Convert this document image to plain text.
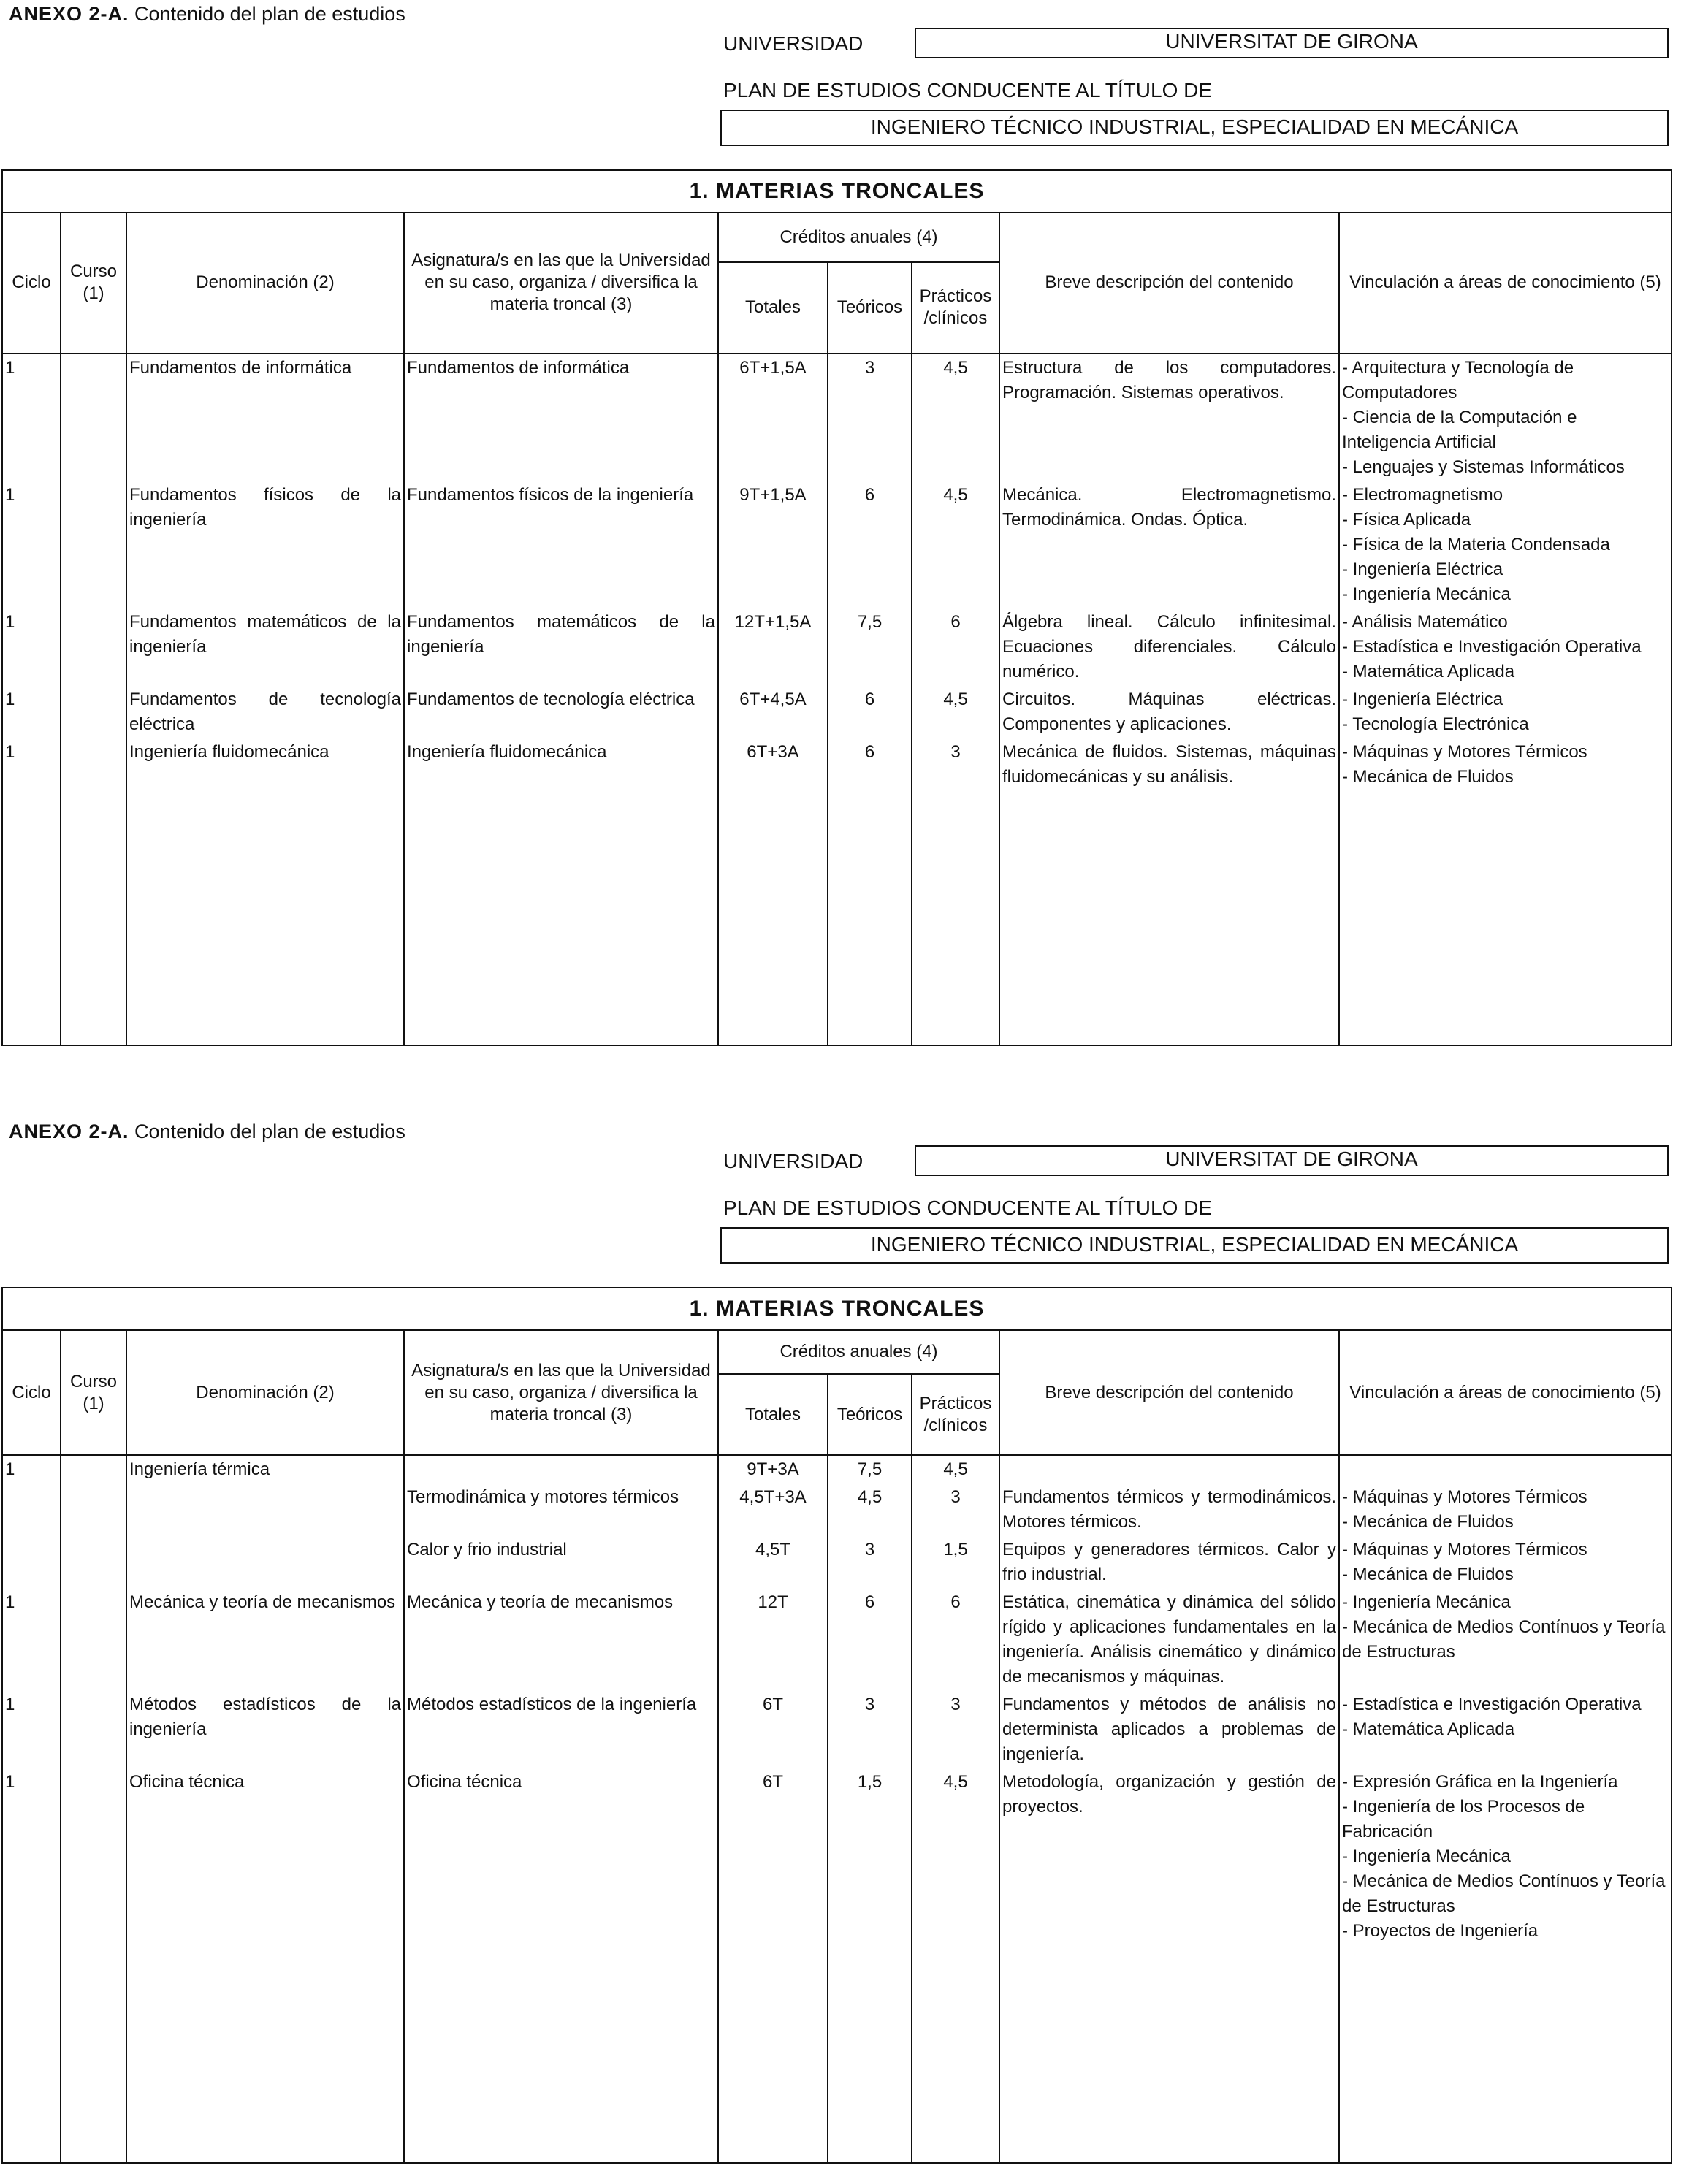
ANEXO 2-A. Contenido del plan de estudios
UNIVERSIDAD	UNIVERSITAT DE GIRONA
PLAN DE ESTUDIOS CONDUCENTE AL TÍTULO DE
INGENIERO TÉCNICO INDUSTRIAL, ESPECIALIDAD EN MECÁNICA
1. MATERIAS TRONCALES								
Ciclo	Curso (1)	Denominación (2)	Asignatura/s en las que la Universidad en su caso, organiza / diversifica la materia troncal (3)	Créditos anuales (4)			Breve descripción del contenido	Vinculación a áreas de conocimiento (5)
				Totales	Teóricos	Prácticos /clínicos		
1		Fundamentos de informática	Fundamentos de informática	6T+1,5A	3	4,5	Estructura de los computadores. Programación. Sistemas operativos.	- Arquitectura y Tecnología de Computadores
- Ciencia de la Computación e Inteligencia Artificial
- Lenguajes y Sistemas Informáticos
1		Fundamentos físicos de la ingeniería	Fundamentos físicos de la ingeniería	9T+1,5A	6	4,5	Mecánica. Electromagnetismo. Termodinámica. Ondas. Óptica.	- Electromagnetismo
- Física Aplicada
- Física de la Materia Condensada
- Ingeniería Eléctrica
- Ingeniería Mecánica
1		Fundamentos matemáticos de la ingeniería	Fundamentos matemáticos de la ingeniería	12T+1,5A	7,5	6	Álgebra lineal. Cálculo infinitesimal. Ecuaciones diferenciales. Cálculo numérico.	- Análisis Matemático
- Estadística e Investigación Operativa
- Matemática Aplicada
1		Fundamentos de tecnología eléctrica	Fundamentos de tecnología eléctrica	6T+4,5A	6	4,5	Circuitos. Máquinas eléctricas. Componentes y aplicaciones.	- Ingeniería Eléctrica
- Tecnología Electrónica
1		Ingeniería fluidomecánica	Ingeniería fluidomecánica	6T+3A	6	3	Mecánica de fluidos. Sistemas, máquinas fluidomecánicas y su análisis.	- Máquinas y Motores Térmicos
- Mecánica de Fluidos

ANEXO 2-A. Contenido del plan de estudios
UNIVERSIDAD	UNIVERSITAT DE GIRONA
PLAN DE ESTUDIOS CONDUCENTE AL TÍTULO DE
INGENIERO TÉCNICO INDUSTRIAL, ESPECIALIDAD EN MECÁNICA
1. MATERIAS TRONCALES								
Ciclo	Curso (1)	Denominación (2)	Asignatura/s en las que la Universidad en su caso, organiza / diversifica la materia troncal (3)	Créditos anuales (4)			Breve descripción del contenido	Vinculación a áreas de conocimiento (5)
				Totales	Teóricos	Prácticos /clínicos		
1		Ingeniería térmica		9T+3A	7,5	4,5		
			Termodinámica y motores térmicos	4,5T+3A	4,5	3	Fundamentos térmicos y termodinámicos. Motores térmicos.	- Máquinas y Motores Térmicos
- Mecánica de Fluidos
			Calor y frio industrial	4,5T	3	1,5	Equipos y generadores térmicos. Calor y frio industrial.	- Máquinas y Motores Térmicos
- Mecánica de Fluidos
1		Mecánica y teoría de mecanismos	Mecánica y teoría de mecanismos	12T	6	6	Estática, cinemática y dinámica del sólido rígido y aplicaciones fundamentales en la ingeniería. Análisis cinemático y dinámico de mecanismos y máquinas.	- Ingeniería Mecánica
- Mecánica de Medios Contínuos y Teoría de Estructuras
1		Métodos estadísticos de la ingeniería	Métodos estadísticos de la ingeniería	6T	3	3	Fundamentos y métodos de análisis no determinista aplicados a problemas de ingeniería.	- Estadística e Investigación Operativa
- Matemática Aplicada
1		Oficina técnica	Oficina técnica	6T	1,5	4,5	Metodología, organización y gestión de proyectos.	- Expresión Gráfica en la Ingeniería
- Ingeniería de los Procesos de Fabricación
- Ingeniería Mecánica
- Mecánica de Medios Contínuos y Teoría de Estructuras
- Proyectos de Ingeniería
